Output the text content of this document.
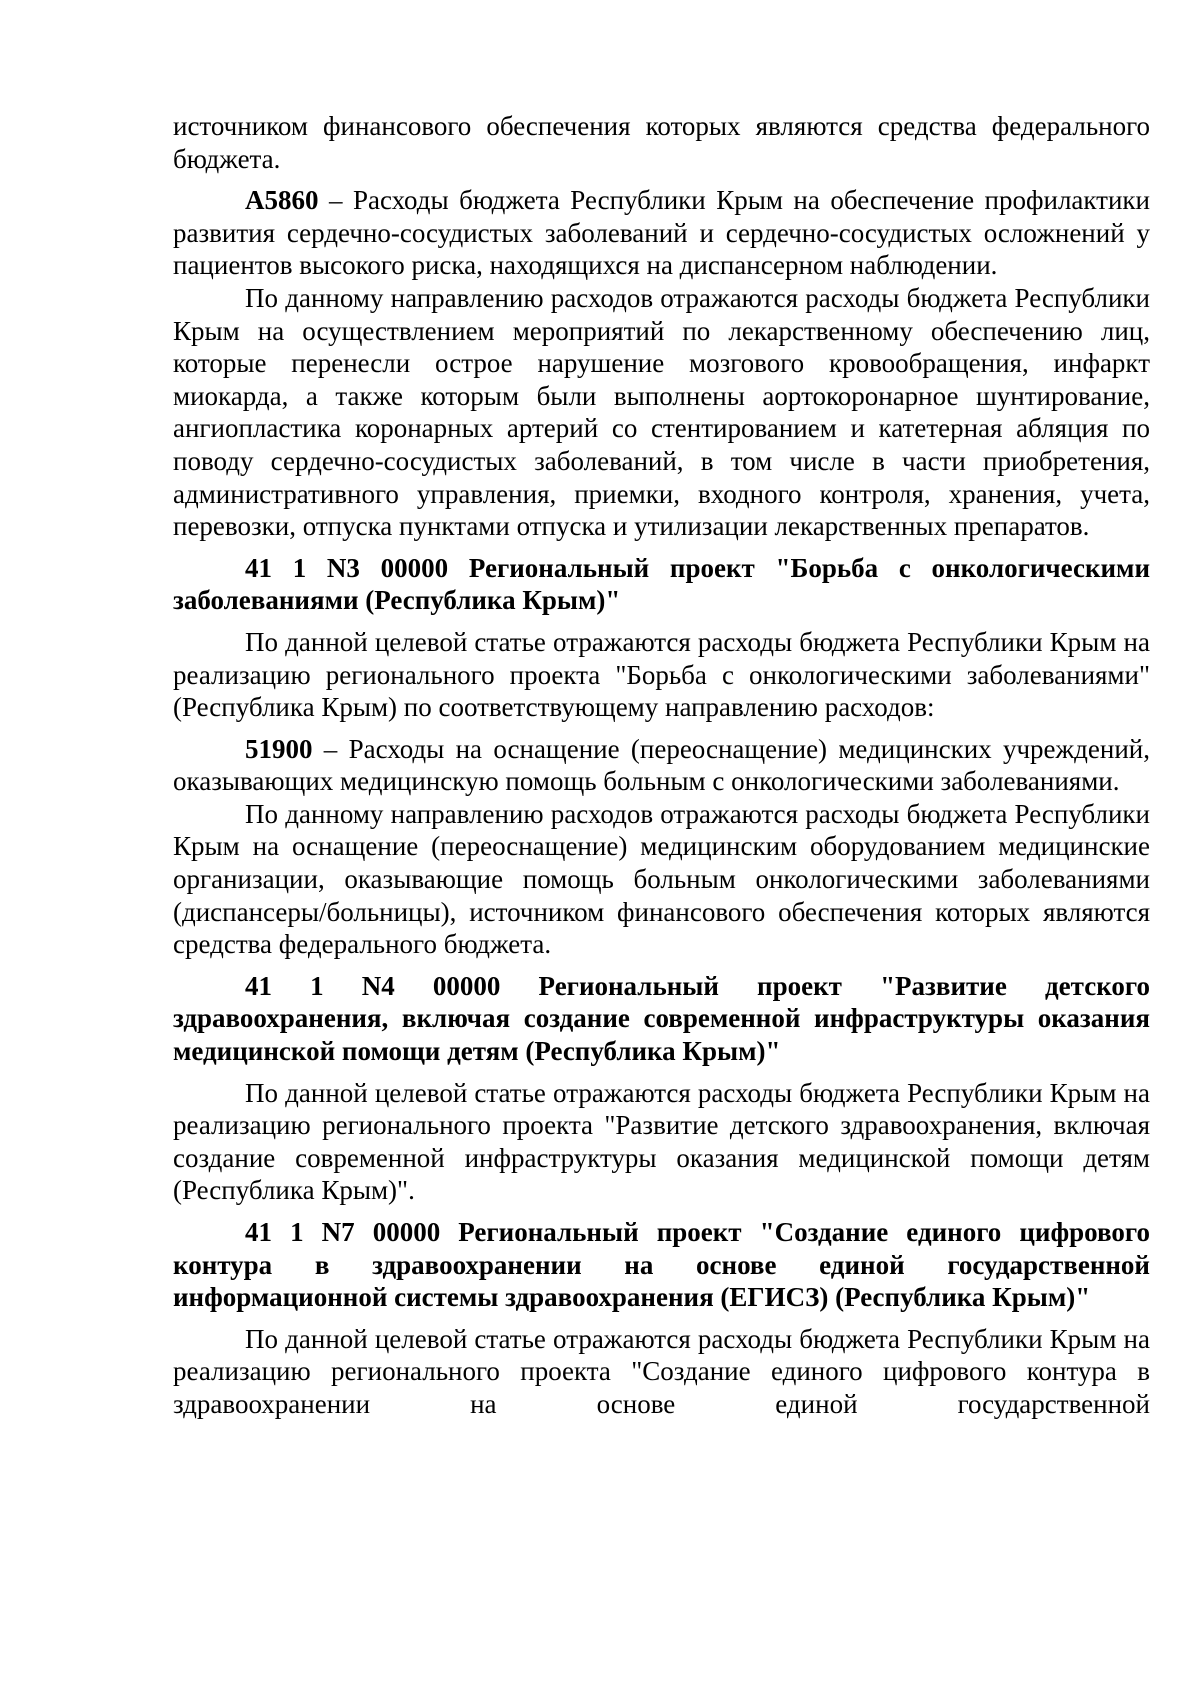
источником финансового обеспечения которых являются средства федерального бюджета.

А5860 – Расходы бюджета Республики Крым на обеспечение профилактики развития сердечно-сосудистых заболеваний и сердечно-сосудистых осложнений у пациентов высокого риска, находящихся на диспансерном наблюдении.

По данному направлению расходов отражаются расходы бюджета Республики Крым на осуществлением мероприятий по лекарственному обеспечению лиц, которые перенесли острое нарушение мозгового кровообращения, инфаркт миокарда, а также которым были выполнены аортокоронарное шунтирование, ангиопластика коронарных артерий со стентированием и катетерная абляция по поводу сердечно-сосудистых заболеваний, в том числе в части приобретения, административного управления, приемки, входного контроля, хранения, учета, перевозки, отпуска пунктами отпуска и утилизации лекарственных препаратов.

41 1 N3 00000 Региональный проект "Борьба с онкологическими заболеваниями (Республика Крым)"

По данной целевой статье отражаются расходы бюджета Республики Крым на реализацию регионального проекта "Борьба с онкологическими заболеваниями" (Республика Крым) по соответствующему направлению расходов:

51900 – Расходы на оснащение (переоснащение) медицинских учреждений, оказывающих медицинскую помощь больным с онкологическими заболеваниями.

По данному направлению расходов отражаются расходы бюджета Республики Крым на оснащение (переоснащение) медицинским оборудованием медицинские организации, оказывающие помощь больным онкологическими заболеваниями (диспансеры/больницы), источником финансового обеспечения которых являются средства федерального бюджета.

41 1 N4 00000 Региональный проект "Развитие детского здравоохранения, включая создание современной инфраструктуры оказания медицинской помощи детям (Республика Крым)"

По данной целевой статье отражаются расходы бюджета Республики Крым на реализацию регионального проекта "Развитие детского здравоохранения, включая создание современной инфраструктуры оказания медицинской помощи детям (Республика Крым)".

41 1 N7 00000 Региональный проект "Создание единого цифрового контура в здравоохранении на основе единой государственной информационной системы здравоохранения (ЕГИСЗ) (Республика Крым)"

По данной целевой статье отражаются расходы бюджета Республики Крым на реализацию регионального проекта "Создание единого цифрового контура в здравоохранении на основе единой государственной
